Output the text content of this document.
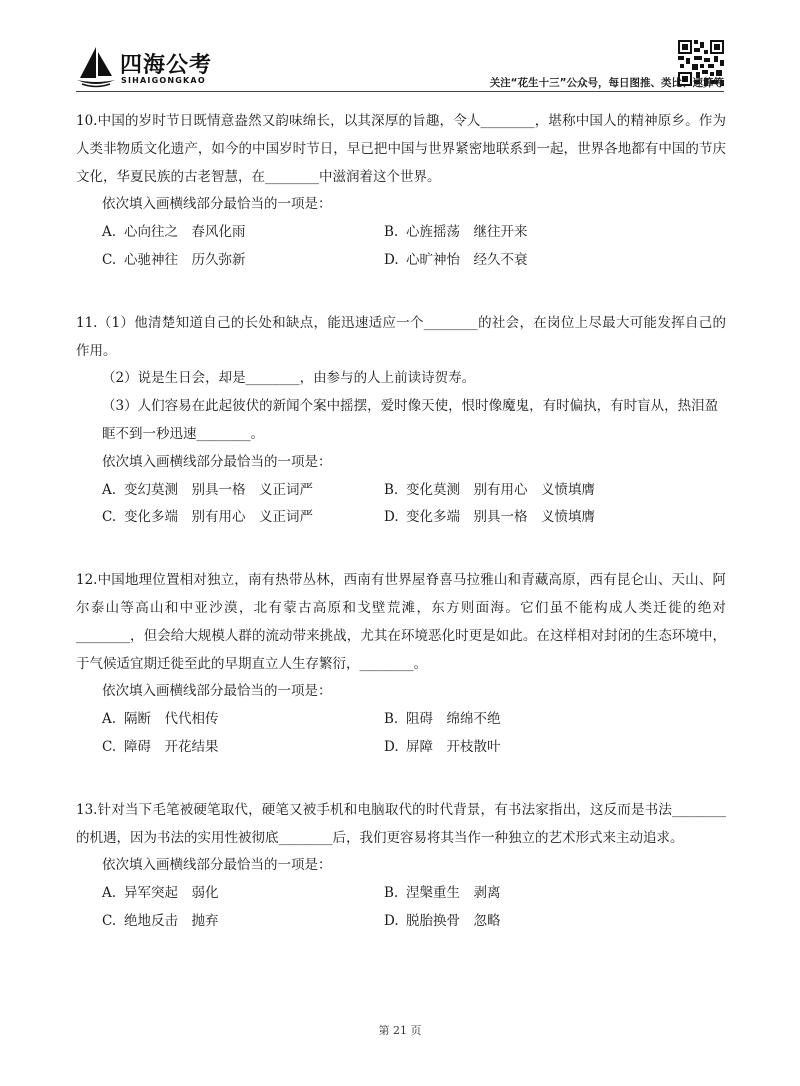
四海公考
SIHAIGONGKAO	关注“花生十三”公众号，每日图推、类比、速算等

10.中国的岁时节日既情意盎然又韵味绵长，以其深厚的旨趣，令人________，堪称中国人的精神原乡。作为人类非物质文化遗产，如今的中国岁时节日，早已把中国与世界紧密地联系到一起，世界各地都有中国的节庆文化，华夏民族的古老智慧，在________中滋润着这个世界。

依次填入画横线部分最恰当的一项是：

A. 心向往之　春风化雨	B. 心旌摇荡　继往开来

C. 心驰神往　历久弥新	D. 心旷神怡　经久不衰

11.（1）他清楚知道自己的长处和缺点，能迅速适应一个________的社会，在岗位上尽最大可能发挥自己的作用。

（2）说是生日会，却是________，由参与的人上前读诗贺寿。

（3）人们容易在此起彼伏的新闻个案中摇摆，爱时像天使，恨时像魔鬼，有时偏执，有时盲从，热泪盈眶不到一秒迅速________。

依次填入画横线部分最恰当的一项是：

A. 变幻莫测　别具一格　义正词严	B. 变化莫测　别有用心　义愤填膺

C. 变化多端　别有用心　义正词严	D. 变化多端　别具一格　义愤填膺

12.中国地理位置相对独立，南有热带丛林，西南有世界屋脊喜马拉雅山和青藏高原，西有昆仑山、天山、阿尔泰山等高山和中亚沙漠，北有蒙古高原和戈壁荒滩，东方则面海。它们虽不能构成人类迁徙的绝对________，但会给大规模人群的流动带来挑战，尤其在环境恶化时更是如此。在这样相对封闭的生态环境中，于气候适宜期迁徙至此的早期直立人生存繁衍，________。

依次填入画横线部分最恰当的一项是：

A. 隔断　代代相传	B. 阻碍　绵绵不绝

C. 障碍　开花结果	D. 屏障　开枝散叶

13.针对当下毛笔被硬笔取代，硬笔又被手机和电脑取代的时代背景，有书法家指出，这反而是书法________的机遇，因为书法的实用性被彻底________后，我们更容易将其当作一种独立的艺术形式来主动追求。

依次填入画横线部分最恰当的一项是：

A. 异军突起　弱化	B. 涅槃重生　剥离

C. 绝地反击　抛弃	D. 脱胎换骨　忽略

第 21 页
